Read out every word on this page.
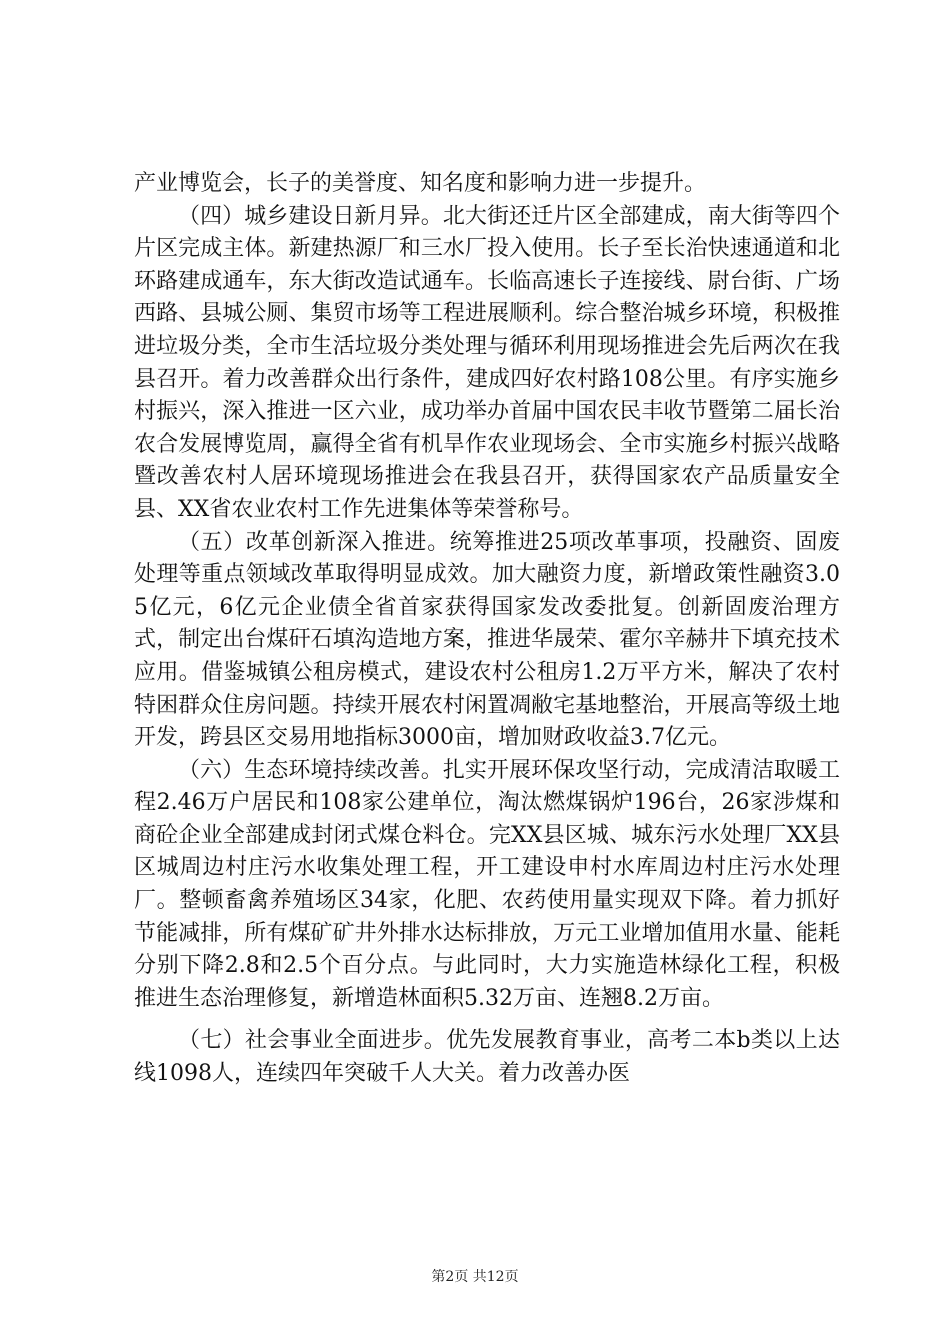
产业博览会，长子的美誉度、知名度和影响力进一步提升。

（四）城乡建设日新月异。北大街还迁片区全部建成，南大街等四个片区完成主体。新建热源厂和三水厂投入使用。长子至长治快速通道和北环路建成通车，东大街改造试通车。长临高速长子连接线、尉台街、广场西路、县城公厕、集贸市场等工程进展顺利。综合整治城乡环境，积极推进垃圾分类，全市生活垃圾分类处理与循环利用现场推进会先后两次在我县召开。着力改善群众出行条件，建成四好农村路108公里。有序实施乡村振兴，深入推进一区六业，成功举办首届中国农民丰收节暨第二届长治农合发展博览周，赢得全省有机旱作农业现场会、全市实施乡村振兴战略暨改善农村人居环境现场推进会在我县召开，获得国家农产品质量安全县、XX省农业农村工作先进集体等荣誉称号。

（五）改革创新深入推进。统筹推进25项改革事项，投融资、固废处理等重点领域改革取得明显成效。加大融资力度，新增政策性融资3.05亿元，6亿元企业债全省首家获得国家发改委批复。创新固废治理方式，制定出台煤矸石填沟造地方案，推进华晟荣、霍尔辛赫井下填充技术应用。借鉴城镇公租房模式，建设农村公租房1.2万平方米，解决了农村特困群众住房问题。持续开展农村闲置凋敝宅基地整治，开展高等级土地开发，跨县区交易用地指标3000亩，增加财政收益3.7亿元。

（六）生态环境持续改善。扎实开展环保攻坚行动，完成清洁取暖工程2.46万户居民和108家公建单位，淘汰燃煤锅炉196台，26家涉煤和商砼企业全部建成封闭式煤仓料仓。完XX县区城、城东污水处理厂XX县区城周边村庄污水收集处理工程，开工建设申村水库周边村庄污水处理厂。整顿畜禽养殖场区34家，化肥、农药使用量实现双下降。着力抓好节能减排，所有煤矿矿井外排水达标排放，万元工业增加值用水量、能耗分别下降2.8和2.5个百分点。与此同时，大力实施造林绿化工程，积极推进生态治理修复，新增造林面积5.32万亩、连翘8.2万亩。

（七）社会事业全面进步。优先发展教育事业，高考二本b类以上达线1098人，连续四年突破千人大关。着力改善办医

第2页 共12页
